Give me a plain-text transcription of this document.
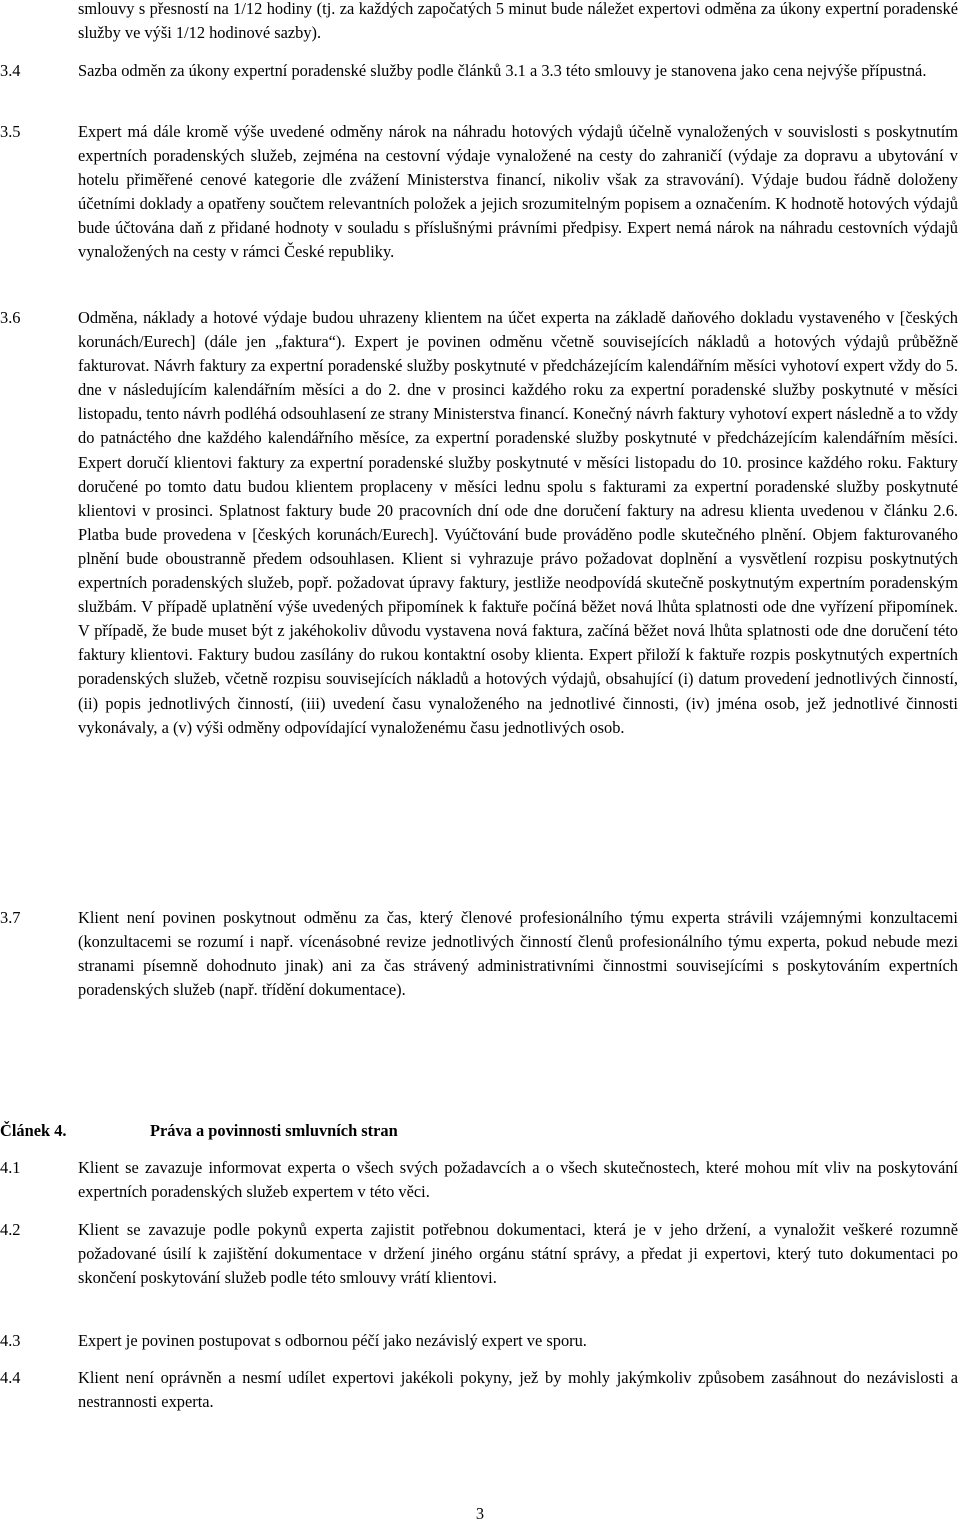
smlouvy s přesností na 1/12 hodiny (tj. za každých započatých 5 minut bude náležet expertovi odměna za úkony expertní poradenské služby ve výši 1/12 hodinové sazby).
3.4	Sazba odměn za úkony expertní poradenské služby podle článků 3.1 a 3.3 této smlouvy je stanovena jako cena nejvýše přípustná.
3.5	Expert má dále kromě výše uvedené odměny nárok na náhradu hotových výdajů účelně vynaložených v souvislosti s poskytnutím expertních poradenských služeb, zejména na cestovní výdaje vynaložené na cesty do zahraničí (výdaje za dopravu a ubytování v hotelu přiměřené cenové kategorie dle zvážení Ministerstva financí, nikoliv však za stravování). Výdaje budou řádně doloženy účetními doklady a opatřeny součtem relevantních položek a jejich srozumitelným popisem a označením. K hodnotě hotových výdajů bude účtována daň z přidané hodnoty v souladu s příslušnými právními předpisy. Expert nemá nárok na náhradu cestovních výdajů vynaložených na cesty v rámci České republiky.
3.6	Odměna, náklady a hotové výdaje budou uhrazeny klientem na účet experta na základě daňového dokladu vystaveného v [českých korunách/Eurech] (dále jen „faktura“). Expert je povinen odměnu včetně souvisejících nákladů a hotových výdajů průběžně fakturovat. Návrh faktury za expertní poradenské služby poskytnuté v předcházejícím kalendářním měsíci vyhotoví expert vždy do 5. dne v následujícím kalendářním měsíci a do 2. dne v prosinci každého roku za expertní poradenské služby poskytnuté v měsíci listopadu, tento návrh podléhá odsouhlasení ze strany Ministerstva financí. Konečný návrh faktury vyhotoví expert následně a to vždy do patnáctého dne každého kalendářního měsíce, za expertní poradenské služby poskytnuté v předcházejícím kalendářním měsíci. Expert doručí klientovi faktury za expertní poradenské služby poskytnuté v měsíci listopadu do 10. prosince každého roku. Faktury doručené po tomto datu budou klientem proplaceny v měsíci lednu spolu s fakturami za expertní poradenské služby poskytnuté klientovi v prosinci. Splatnost faktury bude 20 pracovních dní ode dne doručení faktury na adresu klienta uvedenou v článku 2.6. Platba bude provedena v [českých korunách/Eurech]. Vyúčtování bude prováděno podle skutečného plnění. Objem fakturovaného plnění bude oboustranně předem odsouhlasen. Klient si vyhrazuje právo požadovat doplnění a vysvětlení rozpisu poskytnutých expertních poradenských služeb, popř. požadovat úpravy faktury, jestliže neodpovídá skutečně poskytnutým expertním poradenským službám. V případě uplatnění výše uvedených připomínek k faktuře počíná běžet nová lhůta splatnosti ode dne vyřízení připomínek. V případě, že bude muset být z jakéhokoliv důvodu vystavena nová faktura, začíná běžet nová lhůta splatnosti ode dne doručení této faktury klientovi. Faktury budou zasílány do rukou kontaktní osoby klienta. Expert přiloží k faktuře rozpis poskytnutých expertních poradenských služeb, včetně rozpisu souvisejících nákladů a hotových výdajů, obsahující (i) datum provedení jednotlivých činností, (ii) popis jednotlivých činností, (iii) uvedení času vynaloženého na jednotlivé činnosti, (iv) jména osob, jež jednotlivé činnosti vykonávaly, a (v) výši odměny odpovídající vynaloženému času jednotlivých osob.
3.7	Klient není povinen poskytnout odměnu za čas, který členové profesionálního týmu experta strávili vzájemnými konzultacemi (konzultacemi se rozumí i např. vícenásobné revize jednotlivých činností členů profesionálního týmu experta, pokud nebude mezi stranami písemně dohodnuto jinak) ani za čas strávený administrativními činnostmi souvisejícími s poskytováním expertních poradenských služeb (např. třídění dokumentace).
Článek 4.	Práva a povinnosti smluvních stran
4.1	Klient se zavazuje informovat experta o všech svých požadavcích a o všech skutečnostech, které mohou mít vliv na poskytování expertních poradenských služeb expertem v této věci.
4.2	Klient se zavazuje podle pokynů experta zajistit potřebnou dokumentaci, která je v jeho držení, a vynaložit veškeré rozumně požadované úsilí k zajištění dokumentace v držení jiného orgánu státní správy, a předat ji expertovi, který tuto dokumentaci po skončení poskytování služeb podle této smlouvy vrátí klientovi.
4.3	Expert je povinen postupovat s odbornou péčí jako nezávislý expert ve sporu.
4.4	Klient není oprávněn a nesmí udílet expertovi jakékoli pokyny, jež by mohly jakýmkoliv způsobem zasáhnout do nezávislosti a nestrannosti experta.
3
